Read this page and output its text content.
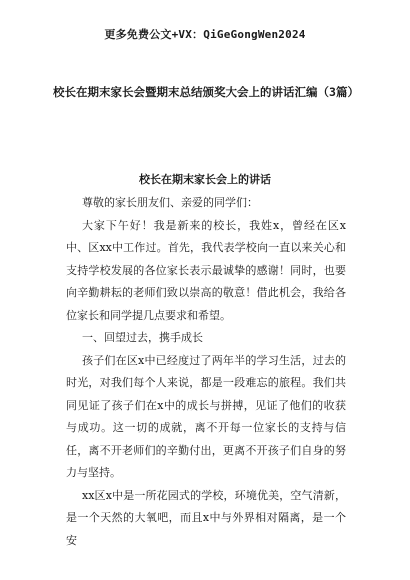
更多免费公文+VX：QiGeGongWen2024
校长在期末家长会暨期末总结颁奖大会上的讲话汇编（3篇）
校长在期末家长会上的讲话

尊敬的家长朋友们、亲爱的同学们：

大家下午好！我是新来的校长，我姓x，曾经在区x中、区xx中工作过。首先，我代表学校向一直以来关心和支持学校发展的各位家长表示最诚挚的感谢！同时，也要向辛勤耕耘的老师们致以崇高的敬意！借此机会，我给各位家长和同学提几点要求和希望。

一、回望过去，携手成长

孩子们在区x中已经度过了两年半的学习生活，过去的时光，对我们每个人来说，都是一段难忘的旅程。我们共同见证了孩子们在x中的成长与拼搏，见证了他们的收获与成功。这一切的成就，离不开每一位家长的支持与信任，离不开老师们的辛勤付出，更离不开孩子们自身的努力与坚持。

xx区x中是一所花园式的学校，环境优美，空气清新，是一个天然的大氧吧，而且x中与外界相对隔离，是一个安
